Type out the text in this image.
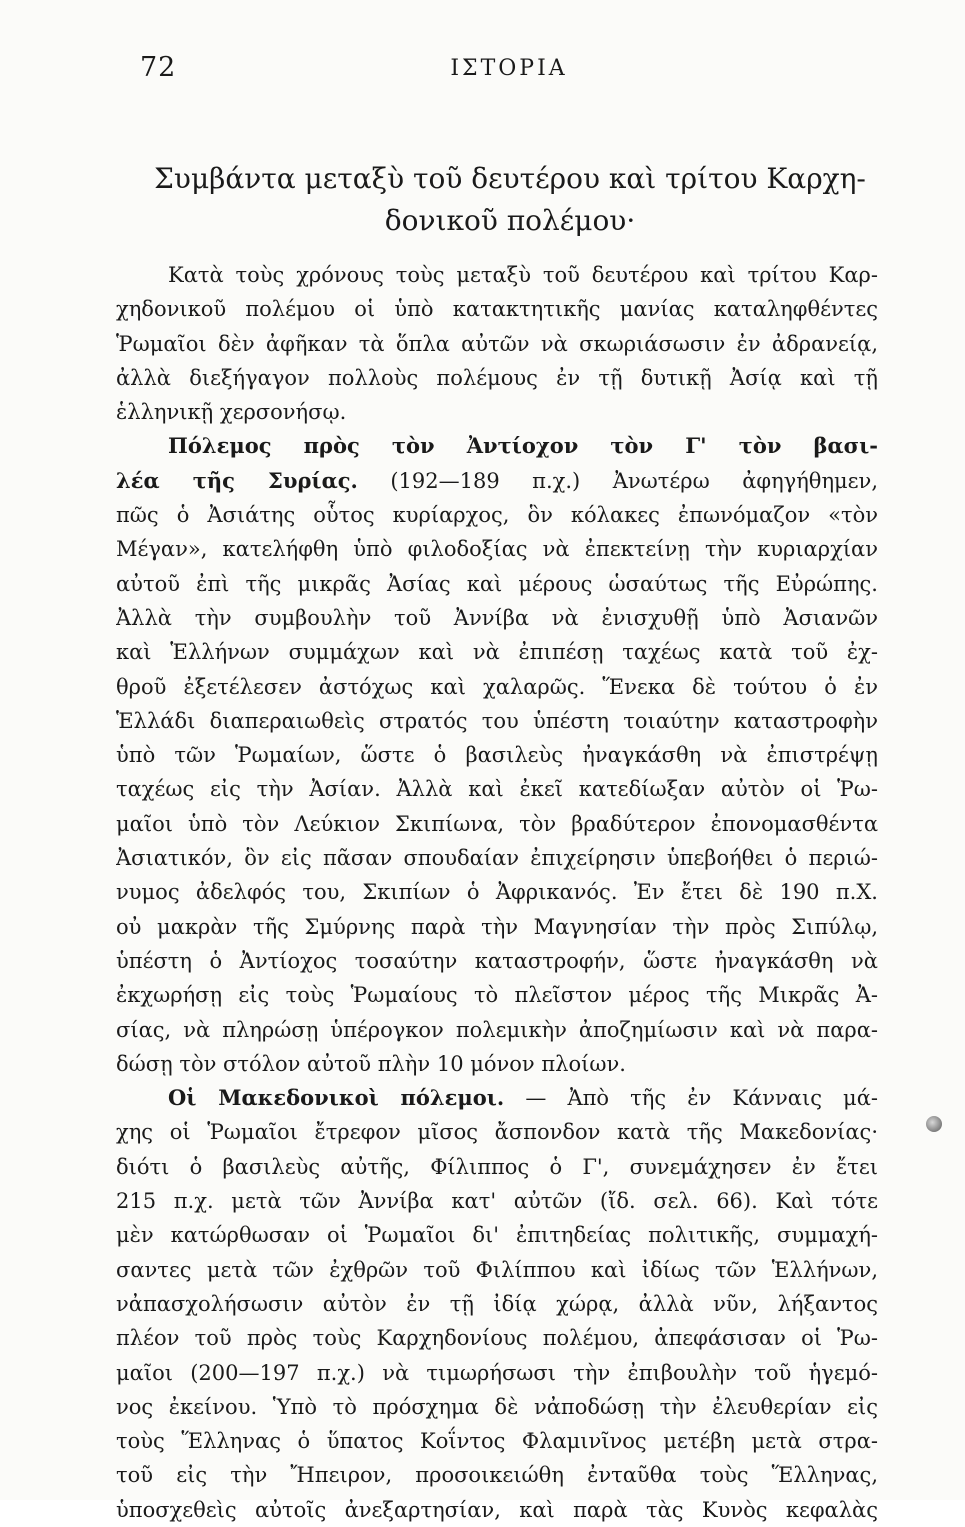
72	ΙΣΤΟΡΙΑ
Συμβάντα μεταξὺ τοῦ δευτέρου καὶ τρίτου Καρχη-
δονικοῦ πολέμου·
Κατὰ τοὺς χρόνους τοὺς μεταξὺ τοῦ δευτέρου καὶ τρίτου Καρ-
χηδονικοῦ πολέμου οἱ ὑπὸ κατακτητικῆς μανίας καταληφθέντες
Ῥωμαῖοι δὲν ἀφῆκαν τὰ ὅπλα αὐτῶν νὰ σκωριάσωσιν ἐν ἀδρανείᾳ,
ἀλλὰ διεξήγαγον πολλοὺς πολέμους ἐν τῇ δυτικῇ Ἀσίᾳ καὶ τῇ
ἑλληνικῇ χερσονήσῳ.
Πόλεμος πρὸς τὸν Ἀντίοχον τὸν Γ' τὸν βασι-
λέα τῆς Συρίας. (192—189 π.χ.) Ἀνωτέρω ἀφηγήθημεν,
πῶς ὁ Ἀσιάτης οὗτος κυρίαρχος, ὃν κόλακες ἐπωνόμαζον «τὸν
Μέγαν», κατελήφθη ὑπὸ φιλοδοξίας νὰ ἐπεκτείνῃ τὴν κυριαρχίαν
αὐτοῦ ἐπὶ τῆς μικρᾶς Ἀσίας καὶ μέρους ὡσαύτως τῆς Εὐρώπης.
Ἀλλὰ τὴν συμβουλὴν τοῦ Ἀννίβα νὰ ἐνισχυθῇ ὑπὸ Ἀσιανῶν
καὶ Ἑλλήνων συμμάχων καὶ νὰ ἐπιπέσῃ ταχέως κατὰ τοῦ ἐχ-
θροῦ ἐξετέλεσεν ἀστόχως καὶ χαλαρῶς. Ἕνεκα δὲ τούτου ὁ ἐν
Ἑλλάδι διαπεραιωθεὶς στρατός του ὑπέστη τοιαύτην καταστροφὴν
ὑπὸ τῶν Ῥωμαίων, ὥστε ὁ βασιλεὺς ἠναγκάσθη νὰ ἐπιστρέψῃ
ταχέως εἰς τὴν Ἀσίαν. Ἀλλὰ καὶ ἐκεῖ κατεδίωξαν αὐτὸν οἱ Ῥω-
μαῖοι ὑπὸ τὸν Λεύκιον Σκιπίωνα, τὸν βραδύτερον ἐπονομασθέντα
Ἀσιατικόν, ὃν εἰς πᾶσαν σπουδαίαν ἐπιχείρησιν ὑπεβοήθει ὁ περιώ-
νυμος ἀδελφός του, Σκιπίων ὁ Ἀφρικανός. Ἐν ἔτει δὲ 190 π.Χ.
οὐ μακρὰν τῆς Σμύρνης παρὰ τὴν Μαγνησίαν τὴν πρὸς Σιπύλῳ,
ὑπέστη ὁ Ἀντίοχος τοσαύτην καταστροφήν, ὥστε ἠναγκάσθη νὰ
ἐκχωρήσῃ εἰς τοὺς Ῥωμαίους τὸ πλεῖστον μέρος τῆς Μικρᾶς Ἀ-
σίας, νὰ πληρώσῃ ὑπέρογκον πολεμικὴν ἀποζημίωσιν καὶ νὰ παρα-
δώσῃ τὸν στόλον αὐτοῦ πλὴν 10 μόνον πλοίων.
Οἱ Μακεδονικοὶ πόλεμοι. — Ἀπὸ τῆς ἐν Κάνναις μά-
χης οἱ Ῥωμαῖοι ἔτρεφον μῖσος ἄσπονδον κατὰ τῆς Μακεδονίας·
διότι ὁ βασιλεὺς αὐτῆς, Φίλιππος ὁ Γ', συνεμάχησεν ἐν ἔτει
215 π.χ. μετὰ τῶν Ἀννίβα κατ' αὐτῶν (ἴδ. σελ. 66). Καὶ τότε
μὲν κατώρθωσαν οἱ Ῥωμαῖοι δι' ἐπιτηδείας πολιτικῆς, συμμαχή-
σαντες μετὰ τῶν ἐχθρῶν τοῦ Φιλίππου καὶ ἰδίως τῶν Ἑλλήνων,
νἀπασχολήσωσιν αὐτὸν ἐν τῇ ἰδίᾳ χώρᾳ, ἀλλὰ νῦν, λήξαντος
πλέον τοῦ πρὸς τοὺς Καρχηδονίους πολέμου, ἀπεφάσισαν οἱ Ῥω-
μαῖοι (200—197 π.χ.) νὰ τιμωρήσωσι τὴν ἐπιβουλὴν τοῦ ἡγεμό-
νος ἐκείνου. Ὑπὸ τὸ πρόσχημα δὲ νἀποδώσῃ τὴν ἐλευθερίαν εἰς
τοὺς Ἕλληνας ὁ ὕπατος Κοΐντος Φλαμινῖνος μετέβη μετὰ στρα-
τοῦ εἰς τὴν Ἤπειρον, προσοικειώθη ἐνταῦθα τοὺς Ἕλληνας,
ὑποσχεθεὶς αὐτοῖς ἀνεξαρτησίαν, καὶ παρὰ τὰς Κυνὸς κεφαλὰς
